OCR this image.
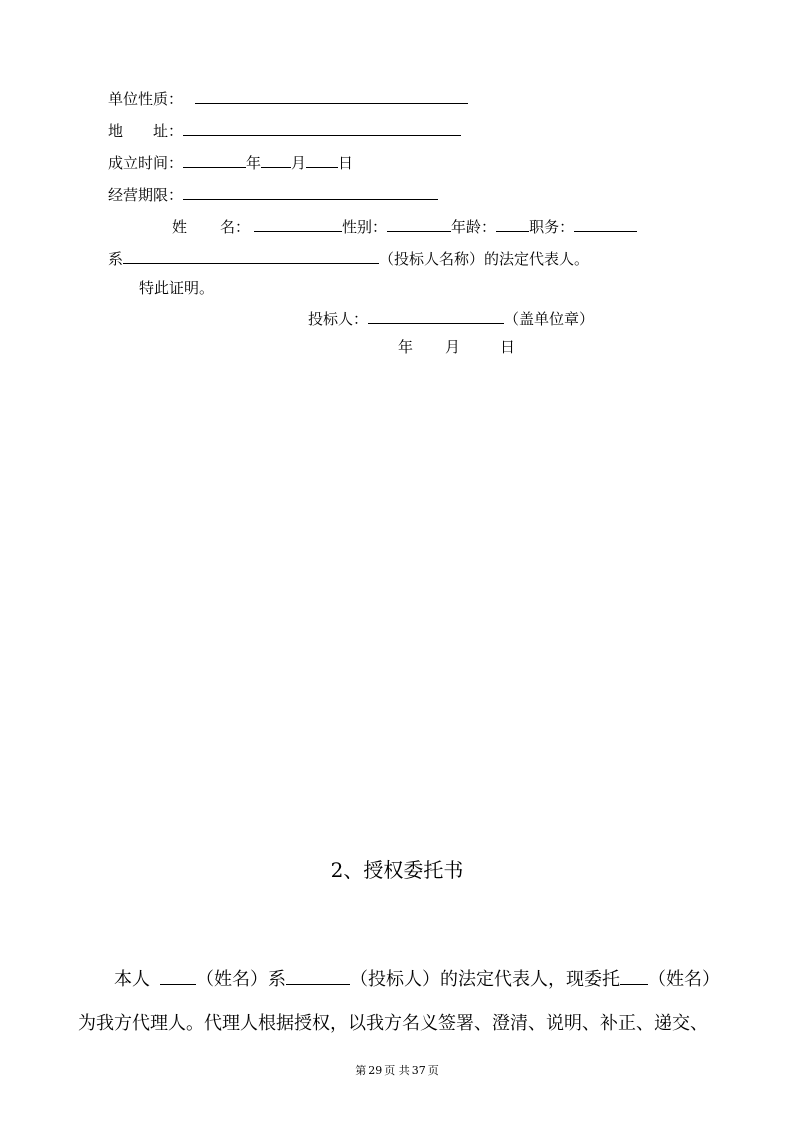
单位性质：
地 址：
成立时间：	年 月 日
经营期限：
姓 名：	性别：	年龄： 职务：
系	（投标人名称）的法定代表人。
特此证明。
投标人：	（盖单位章）
年 月	日
2、授权委托书
本人	（姓名）系	（投标人）的法定代表人，现委托 （姓名）
为我方代理人。代理人根据授权，以我方名义签署、澄清、说明、补正、递交、
第 29 页 共 37 页
